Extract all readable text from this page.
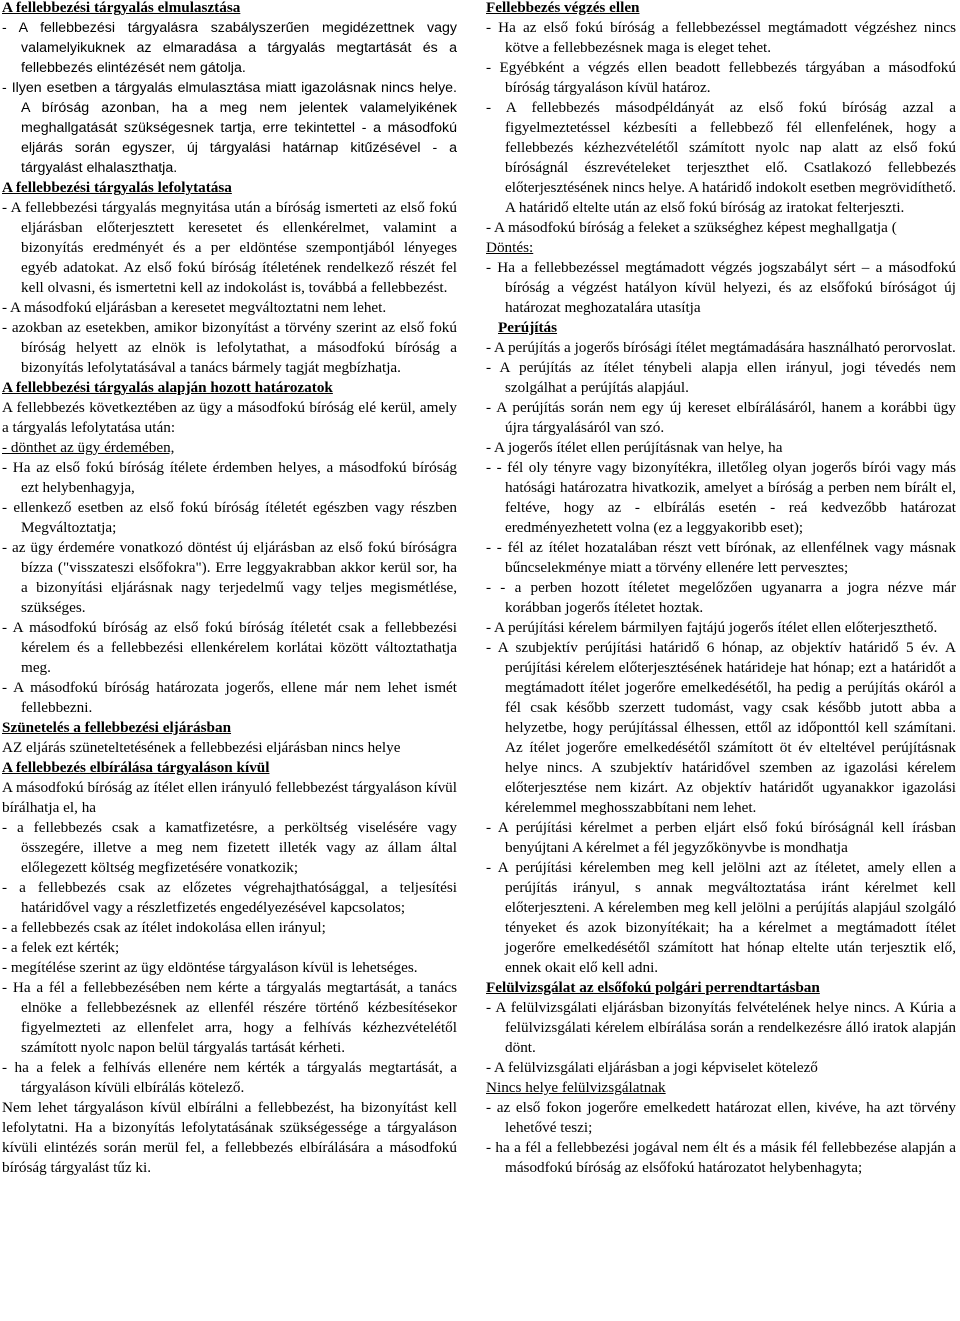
A fellebbezési tárgyalás elmulasztása

- A fellebbezési tárgyalásra szabályszerűen megidézettnek vagy valamelyikuknek az elmaradása a tárgyalás megtartását és a fellebbezés elintézését nem gátolja.

- Ilyen esetben a tárgyalás elmulasztása miatt igazolásnak nincs helye. A bíróság azonban, ha a meg nem jelentek valamelyikének meghallgatását szükségesnek tartja, erre tekintettel - a másodfokú eljárás során egyszer, új tárgyalási határnap kitűzésével - a tárgyalást elhalaszthatja.

A fellebbezési tárgyalás lefolytatása

- A fellebbezési tárgyalás megnyitása után a bíróság ismerteti az első fokú eljárásban előterjesztett keresetet és ellenkérelmet, valamint a bizonyítás eredményét és a per eldöntése szempontjából lényeges egyéb adatokat. Az első fokú bíróság ítéletének rendelkező részét fel kell olvasni, és ismertetni kell az indokolást is, továbbá a fellebbezést.

- A másodfokú eljárásban a keresetet megváltoztatni nem lehet.

- azokban az esetekben, amikor bizonyítást a törvény szerint az első fokú bíróság helyett az elnök is lefolytathat, a másodfokú bíróság a bizonyítás lefolytatásával a tanács bármely tagját megbízhatja.

A fellebbezési tárgyalás alapján hozott határozatok

A fellebbezés következtében az ügy a másodfokú bíróság elé kerül, amely a tárgyalás lefolytatása után:

- dönthet az ügy érdemében,

- Ha az első fokú bíróság ítélete érdemben helyes, a másodfokú bíróság ezt helybenhagyja,

- ellenkező esetben az első fokú bíróság ítéletét egészben vagy részben Megváltoztatja;

- az ügy érdemére vonatkozó döntést új eljárásban az első fokú bíróságra bízza ("visszateszi elsőfokra"). Erre leggyakrabban akkor kerül sor, ha a bizonyítási eljárásnak nagy terjedelmű vagy teljes megismétlése, szükséges.

- A másodfokú bíróság az első fokú bíróság ítéletét csak a fellebbezési kérelem és a fellebbezési ellenkérelem korlátai között változtathatja meg.

- A másodfokú bíróság határozata jogerős, ellene már nem lehet ismét fellebbezni.

Szünetelés a fellebbezési eljárásban

AZ eljárás szüneteltetésének a fellebbezési eljárásban nincs helye

A fellebbezés elbírálása tárgyaláson kívül

A másodfokú bíróság az ítélet ellen irányuló fellebbezést tárgyaláson kívül bírálhatja el, ha

- a fellebbezés csak a kamatfizetésre, a perköltség viselésére vagy összegére, illetve a meg nem fizetett illeték vagy az állam által előlegezett költség megfizetésére vonatkozik;

- a fellebbezés csak az előzetes végrehajthatósággal, a teljesítési határidővel vagy a részletfizetés engedélyezésével kapcsolatos;

- a fellebbezés csak az ítélet indokolása ellen irányul;

- a felek ezt kérték;

- megítélése szerint az ügy eldöntése tárgyaláson kívül is lehetséges.

- Ha a fél a fellebbezésében nem kérte a tárgyalás megtartását, a tanács elnöke a fellebbezésnek az ellenfél részére történő kézbesítésekor figyelmezteti az ellenfelet arra, hogy a felhívás kézhezvételétől számított nyolc napon belül tárgyalás tartását kérheti.

- ha a felek a felhívás ellenére nem kérték a tárgyalás megtartását, a tárgyaláson kívüli elbírálás kötelező.

Nem lehet tárgyaláson kívül elbírálni a fellebbezést, ha bizonyítást kell lefolytatni. Ha a bizonyítás lefolytatásának szükségessége a tárgyaláson kívüli elintézés során merül fel, a fellebbezés elbírálására a másodfokú bíróság tárgyalást tűz ki.

Fellebbezés végzés ellen

- Ha az első fokú bíróság a fellebbezéssel megtámadott végzéshez nincs kötve a fellebbezésnek maga is eleget tehet.

- Egyébként a végzés ellen beadott fellebbezés tárgyában a másodfokú bíróság tárgyaláson kívül határoz.

- A fellebbezés másodpéldányát az első fokú bíróság azzal a figyelmeztetéssel kézbesíti a fellebbező fél ellenfelének, hogy a fellebbezés kézhezvételétől számított nyolc nap alatt az első fokú bíróságnál észrevételeket terjeszthet elő. Csatlakozó fellebbezés előterjesztésének nincs helye. A határidő indokolt esetben megrövidíthető. A határidő eltelte után az első fokú bíróság az iratokat felterjeszti.

- A másodfokú bíróság a feleket a szükséghez képest meghallgatja (

Döntés:

- Ha a fellebbezéssel megtámadott végzés jogszabályt sért – a másodfokú bíróság a végzést hatályon kívül helyezi, és az elsőfokú bíróságot új határozat meghozatalára utasítja

Perújítás

- A perújítás a jogerős bírósági ítélet megtámadására használható perorvoslat.

- A perújítás az ítélet ténybeli alapja ellen irányul, jogi tévedés nem szolgálhat a perújítás alapjául.

- A perújítás során nem egy új kereset elbírálásáról, hanem a korábbi ügy újra tárgyalásáról van szó.

- A jogerős ítélet ellen perújításnak van helye, ha

- - fél oly tényre vagy bizonyítékra, illetőleg olyan jogerős bírói vagy más hatósági határozatra hivatkozik, amelyet a bíróság a perben nem bírált el, feltéve, hogy az - elbírálás esetén - reá kedvezőbb határozat eredményezhetett volna (ez a leggyakoribb eset);

- - fél az ítélet hozatalában részt vett bírónak, az ellenfélnek vagy másnak bűncselekménye miatt a törvény ellenére lett pervesztes;

- - a perben hozott ítéletet megelőzően ugyanarra a jogra nézve már korábban jogerős ítéletet hoztak.

- A perújítási kérelem bármilyen fajtájú jogerős ítélet ellen előterjeszthető.

- A szubjektív perújítási határidő 6 hónap, az objektív határidő 5 év. A perújítási kérelem előterjesztésének határideje hat hónap; ezt a határidőt a megtámadott ítélet jogerőre emelkedésétől, ha pedig a perújítás okáról a fél csak később szerzett tudomást, vagy csak később jutott abba a helyzetbe, hogy perújítással élhessen, ettől az időponttól kell számítani. Az ítélet jogerőre emelkedésétől számított öt év elteltével perújításnak helye nincs. A szubjektív határidővel szemben az igazolási kérelem előterjesztése nem kizárt. Az objektív határidőt ugyanakkor igazolási kérelemmel meghosszabbítani nem lehet.

- A perújítási kérelmet a perben eljárt első fokú bíróságnál kell írásban benyújtani A kérelmet a fél jegyzőkönyvbe is mondhatja

- A perújítási kérelemben meg kell jelölni azt az ítéletet, amely ellen a perújítás irányul, s annak megváltoztatása iránt kérelmet kell előterjeszteni. A kérelemben meg kell jelölni a perújítás alapjául szolgáló tényeket és azok bizonyítékait; ha a kérelmet a megtámadott ítélet jogerőre emelkedésétől számított hat hónap eltelte után terjesztik elő, ennek okait elő kell adni.

Felülvizsgálat az elsőfokú polgári perrendtartásban

- A felülvizsgálati eljárásban bizonyítás felvételének helye nincs. A Kúria a felülvizsgálati kérelem elbírálása során a rendelkezésre álló iratok alapján dönt.

- A felülvizsgálati eljárásban a jogi képviselet kötelező

Nincs helye felülvizsgálatnak

- az első fokon jogerőre emelkedett határozat ellen, kivéve, ha azt törvény lehetővé teszi;

- ha a fél a fellebbezési jogával nem élt és a másik fél fellebbezése alapján a másodfokú bíróság az elsőfokú határozatot helybenhagyta;
